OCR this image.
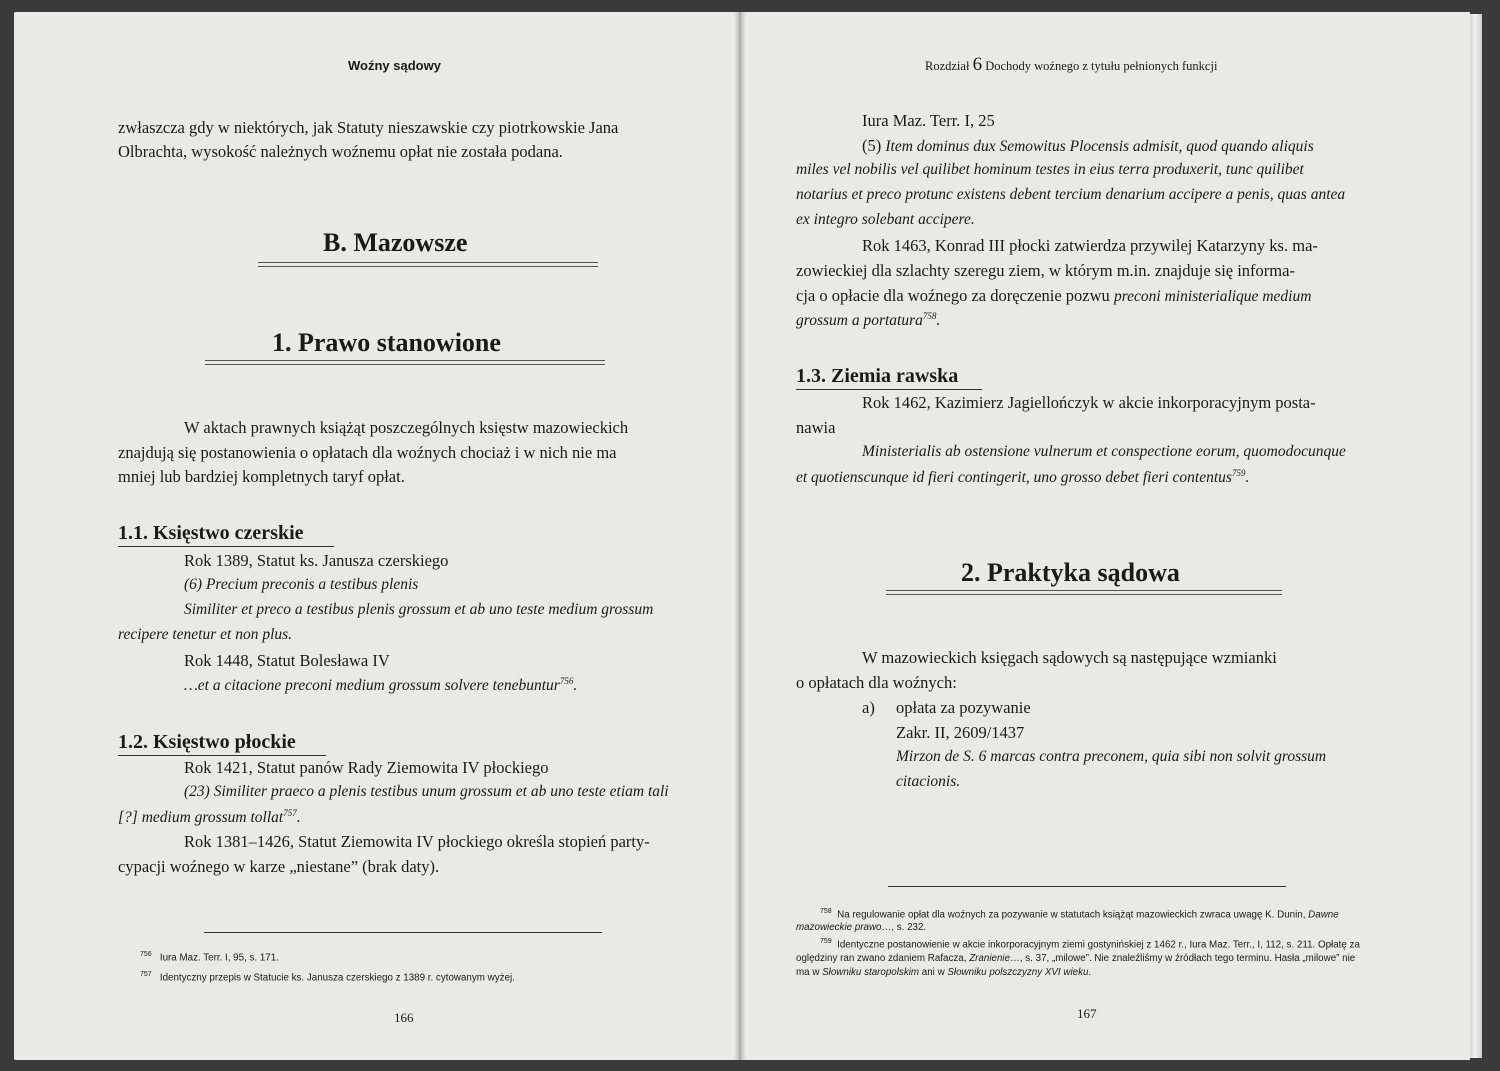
Woźny sądowy
zwłaszcza gdy w niektórych, jak Statuty nieszawskie czy piotrkowskie Jana
Olbrachta, wysokość należnych woźnemu opłat nie została podana.
B. Mazowsze
1. Prawo stanowione
W aktach prawnych książąt poszczególnych księstw mazowieckich
znajdują się postanowienia o opłatach dla woźnych chociaż i w nich nie ma
mniej lub bardziej kompletnych taryf opłat.
1.1. Księstwo czerskie
Rok 1389, Statut ks. Janusza czerskiego
(6) Precium preconis a testibus plenis
Similiter et preco a testibus plenis grossum et ab uno teste medium grossum
recipere tenetur et non plus.
Rok 1448, Statut Bolesława IV
…et a citacione preconi medium grossum solvere tenebuntur$^{756}$.
1.2. Księstwo płockie
Rok 1421, Statut panów Rady Ziemowita IV płockiego
(23) Similiter praeco a plenis testibus unum grossum et ab uno teste etiam tali
[?] medium grossum tollat$^{757}$.
Rok 1381–1426, Statut Ziemowita IV płockiego określa stopień party-
cypacji woźnego w karze „niestane” (brak daty).
$^{756}$ Iura Maz. Terr. I, 95, s. 171.
$^{757}$ Identyczny przepis w Statucie ks. Janusza czerskiego z 1389 r. cytowanym wyżej.
166
Rozdział 6 Dochody woźnego z tytułu pełnionych funkcji
Iura Maz. Terr. I, 25
(5) Item dominus dux Semowitus Plocensis admisit, quod quando aliquis
miles vel nobilis vel quilibet hominum testes in eius terra produxerit, tunc quilibet
notarius et preco protunc existens debent tercium denarium accipere a penis, quas antea
ex integro solebant accipere.
Rok 1463, Konrad III płocki zatwierdza przywilej Katarzyny ks. ma-
zowieckiej dla szlachty szeregu ziem, w którym m.in. znajduje się informa-
cja o opłacie dla woźnego za doręczenie pozwu preconi ministerialique medium
grossum a portatura$^{758}$.
1.3. Ziemia rawska
Rok 1462, Kazimierz Jagiellończyk w akcie inkorporacyjnym posta-
nawia
Ministerialis ab ostensione vulnerum et conspectione eorum, quomodocunque
et quotienscunque id fieri contingerit, uno grosso debet fieri contentus$^{759}$.
2. Praktyka sądowa
W mazowieckich księgach sądowych są następujące wzmianki
o opłatach dla woźnych:
a) opłata za pozywanie
Zakr. II, 2609/1437
Mirzon de S. 6 marcas contra preconem, quia sibi non solvit grossum
citacionis.
$^{758}$ Na regulowanie opłat dla woźnych za pozywanie w statutach książąt mazowieckich zwraca uwagę K. Dunin, Dawne
mazowieckie prawo…, s. 232.
$^{759}$ Identyczne postanowienie w akcie inkorporacyjnym ziemi gostynińskiej z 1462 r., Iura Maz. Terr., I, 112, s. 211. Opłatę za
oględziny ran zwano zdaniem Rafacza, Zranienie…, s. 37, „milowe”. Nie znaleźliśmy w źródłach tego terminu. Hasła „milowe” nie
ma w Słowniku staropolskim ani w Słowniku polszczyzny XVI wieku.
167
